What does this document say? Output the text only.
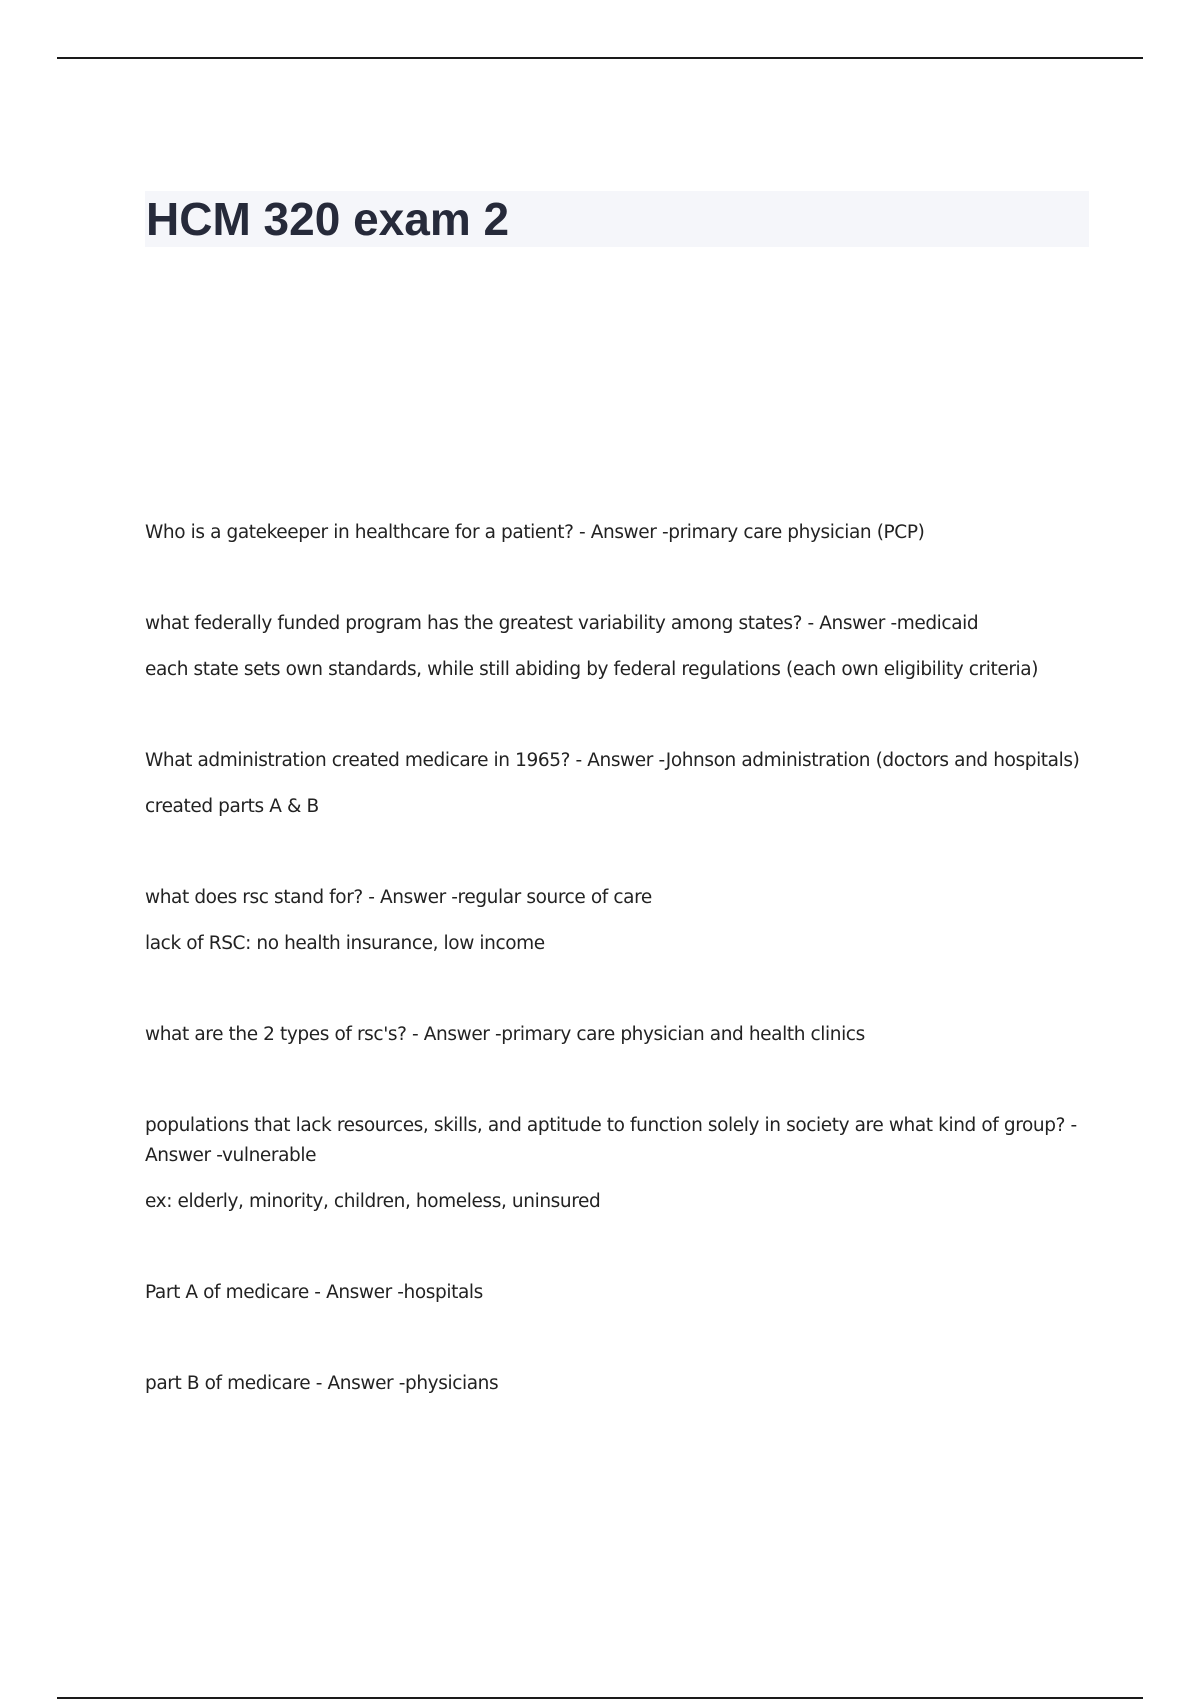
HCM 320 exam 2

Who is a gatekeeper in healthcare for a patient? - Answer -primary care physician (PCP)

what federally funded program has the greatest variability among states? - Answer -medicaid

each state sets own standards, while still abiding by federal regulations (each own eligibility criteria)

What administration created medicare in 1965? - Answer -Johnson administration (doctors and hospitals)

created parts A & B

what does rsc stand for? - Answer -regular source of care

lack of RSC: no health insurance, low income

what are the 2 types of rsc's? - Answer -primary care physician and health clinics

populations that lack resources, skills, and aptitude to function solely in society are what kind of group? - Answer -vulnerable

ex: elderly, minority, children, homeless, uninsured

Part A of medicare - Answer -hospitals

part B of medicare - Answer -physicians
